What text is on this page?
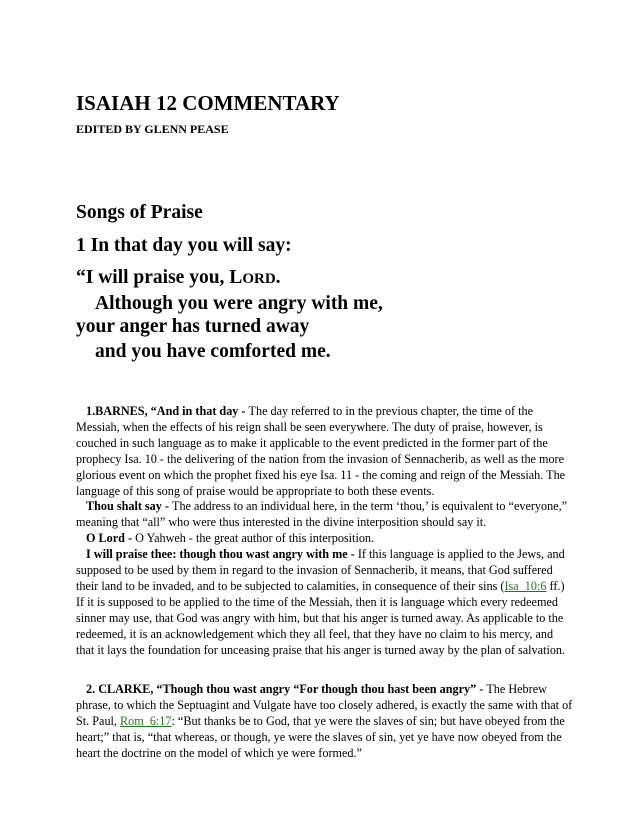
ISAIAH 12 COMMENTARY
EDITED BY GLENN PEASE
Songs of Praise
1 In that day you will say:
“I will praise you, LORD.
Although you were angry with me,
your anger has turned away
and you have comforted me.

1.BARNES, “And in that day - The day referred to in the previous chapter, the time of the Messiah, when the effects of his reign shall be seen everywhere. The duty of praise, however, is couched in such language as to make it applicable to the event predicted in the former part of the prophecy Isa. 10 - the delivering of the nation from the invasion of Sennacherib, as well as the more glorious event on which the prophet fixed his eye Isa. 11 - the coming and reign of the Messiah. The language of this song of praise would be appropriate to both these events.

Thou shalt say - The address to an individual here, in the term ‘thou,’ is equivalent to “everyone,” meaning that “all” who were thus interested in the divine interposition should say it.

O Lord - O Yahweh - the great author of this interposition.

I will praise thee: though thou wast angry with me - If this language is applied to the Jews, and supposed to be used by them in regard to the invasion of Sennacherib, it means, that God suffered their land to be invaded, and to be subjected to calamities, in consequence of their sins (Isa_10:6 ff.) If it is supposed to be applied to the time of the Messiah, then it is language which every redeemed sinner may use, that God was angry with him, but that his anger is turned away. As applicable to the redeemed, it is an acknowledgement which they all feel, that they have no claim to his mercy, and that it lays the foundation for unceasing praise that his anger is turned away by the plan of salvation.

2. CLARKE, “Though thou wast angry “For though thou hast been angry” - The Hebrew phrase, to which the Septuagint and Vulgate have too closely adhered, is exactly the same with that of St. Paul, Rom_6:17: “But thanks be to God, that ye were the slaves of sin; but have obeyed from the heart;” that is, “that whereas, or though, ye were the slaves of sin, yet ye have now obeyed from the heart the doctrine on the model of which ye were formed.”
